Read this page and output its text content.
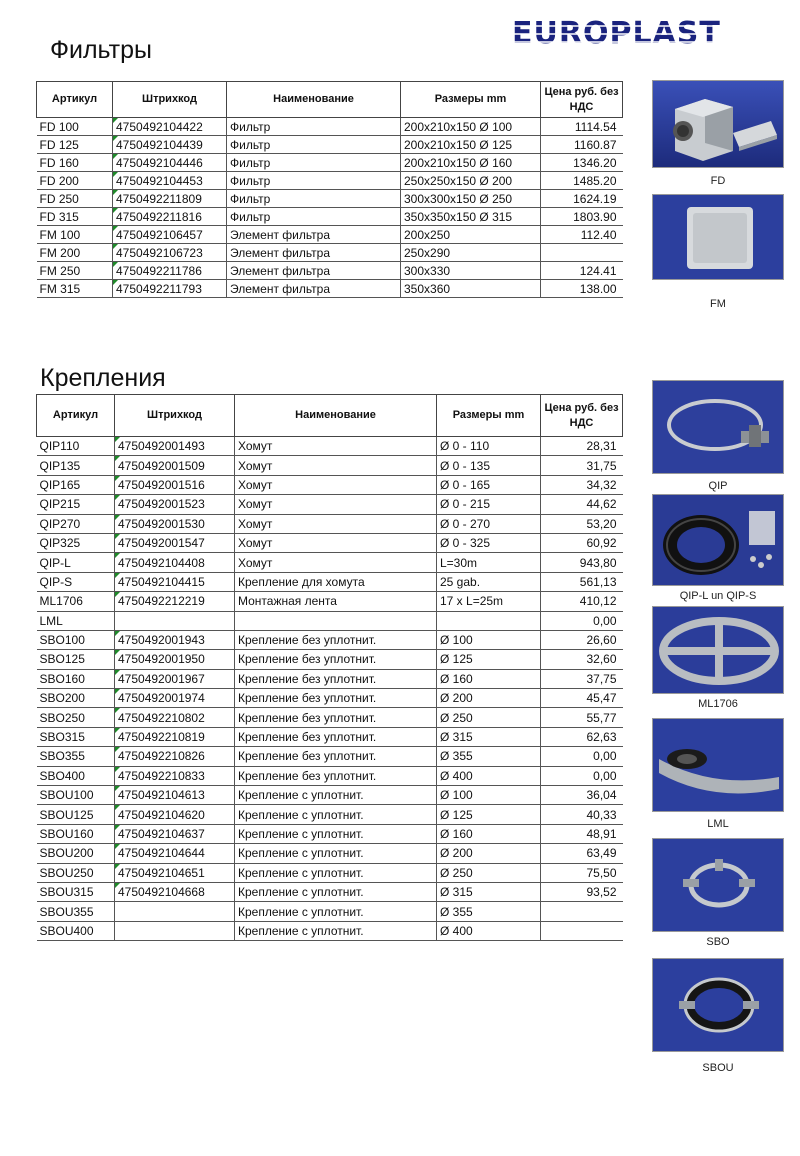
EUROPLAST
Фильтры
Артикул	Штрихкод	Наименование	Размеры mm	Цена руб. без НДС
FD 100	4750492104422	Фильтр	200x210x150 Ø 100	1114.54
FD 125	4750492104439	Фильтр	200x210x150 Ø 125	1160.87
FD 160	4750492104446	Фильтр	200x210x150 Ø 160	1346.20
FD 200	4750492104453	Фильтр	250x250x150 Ø 200	1485.20
FD 250	4750492211809	Фильтр	300x300x150 Ø 250	1624.19
FD 315	4750492211816	Фильтр	350x350x150 Ø 315	1803.90
FM 100	4750492106457	Элемент фильтра	200x250	112.40
FM 200	4750492106723	Элемент фильтра	250x290	
FM 250	4750492211786	Элемент фильтра	300x330	124.41
FM 315	4750492211793	Элемент фильтра	350x360	138.00
Крепления
Артикул	Штрихкод	Наименование	Размеры mm	Цена руб. без НДС
QIP110	4750492001493	Хомут	Ø 0 - 110	28,31
QIP135	4750492001509	Хомут	Ø 0 - 135	31,75
QIP165	4750492001516	Хомут	Ø 0 - 165	34,32
QIP215	4750492001523	Хомут	Ø 0 - 215	44,62
QIP270	4750492001530	Хомут	Ø 0 - 270	53,20
QIP325	4750492001547	Хомут	Ø 0 - 325	60,92
QIP-L	4750492104408	Хомут	L=30m	943,80
QIP-S	4750492104415	Крепление для хомута	25 gab.	561,13
ML1706	4750492212219	Монтажная лента	17 x L=25m	410,12
LML				0,00
SBO100	4750492001943	Крепление без уплотнит.	Ø 100	26,60
SBO125	4750492001950	Крепление без уплотнит.	Ø 125	32,60
SBO160	4750492001967	Крепление без уплотнит.	Ø 160	37,75
SBO200	4750492001974	Крепление без уплотнит.	Ø 200	45,47
SBO250	4750492210802	Крепление без уплотнит.	Ø 250	55,77
SBO315	4750492210819	Крепление без уплотнит.	Ø 315	62,63
SBO355	4750492210826	Крепление без уплотнит.	Ø 355	0,00
SBO400	4750492210833	Крепление без уплотнит.	Ø 400	0,00
SBOU100	4750492104613	Крепление с уплотнит.	Ø 100	36,04
SBOU125	4750492104620	Крепление с уплотнит.	Ø 125	40,33
SBOU160	4750492104637	Крепление с уплотнит.	Ø 160	48,91
SBOU200	4750492104644	Крепление с уплотнит.	Ø 200	63,49
SBOU250	4750492104651	Крепление с уплотнит.	Ø 250	75,50
SBOU315	4750492104668	Крепление с уплотнит.	Ø 315	93,52
SBOU355		Крепление с уплотнит.	Ø 355	
SBOU400		Крепление с уплотнит.	Ø 400	
FD
FM
QIP
QIP-L un QIP-S
ML1706
LML
SBO
SBOU
